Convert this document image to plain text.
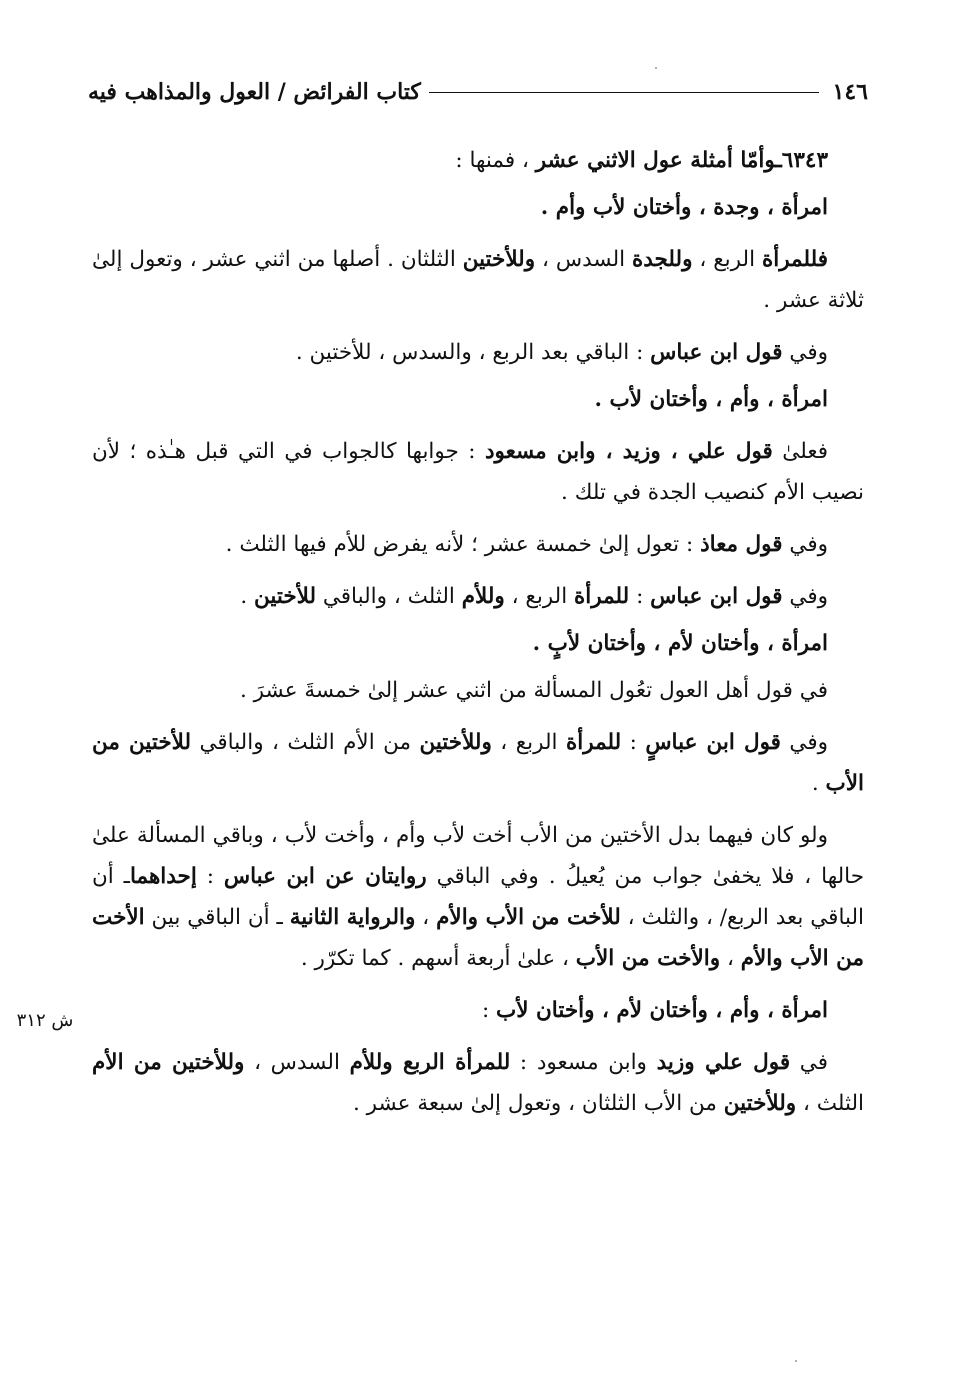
١٤٦
كتاب الفرائض / العول والمذاهب فيه
ش ٣١٢

٦٣٤٣ـوأمّا أمثلة عول الاثني عشر ، فمنها :

امرأة ، وجدة ، وأختان لأب وأم .

فللمرأة الربع ، وللجدة السدس ، وللأختين الثلثان . أصلها من اثني عشر ، وتعول إلىٰ ثلاثة عشر .

وفي قول ابن عباس : الباقي بعد الربع ، والسدس ، للأختين .

امرأة ، وأم ، وأختان لأب .

فعلىٰ قول علي ، وزيد ، وابن مسعود : جوابها كالجواب في التي قبل هـٰذه ؛ لأن نصيب الأم كنصيب الجدة في تلك .

وفي قول معاذ : تعول إلىٰ خمسة عشر ؛ لأنه يفرض للأم فيها الثلث .

وفي قول ابن عباس : للمرأة الربع ، وللأم الثلث ، والباقي للأختين .

امرأة ، وأختان لأم ، وأختان لأبٍ .

في قول أهل العول تعُول المسألة من اثني عشر إلىٰ خمسةَ عشرَ .

وفي قول ابن عباسٍ : للمرأة الربع ، وللأختين من الأم الثلث ، والباقي للأختين من الأب .

ولو كان فيهما بدل الأختين من الأب أخت لأب وأم ، وأخت لأب ، وباقي المسألة علىٰ حالها ، فلا يخفىٰ جواب من يُعيلُ . وفي الباقي روايتان عن ابن عباس : إحداهماـ أن الباقي بعد الربع/ ، والثلث ، للأخت من الأب والأم ، والرواية الثانية ـ أن الباقي بين الأخت من الأب والأم ، والأخت من الأب ، علىٰ أربعة أسهم . كما تكرّر .

امرأة ، وأم ، وأختان لأم ، وأختان لأب :

في قول علي وزيد وابن مسعود : للمرأة الربع وللأم السدس ، وللأختين من الأم الثلث ، وللأختين من الأب الثلثان ، وتعول إلىٰ سبعة عشر .
